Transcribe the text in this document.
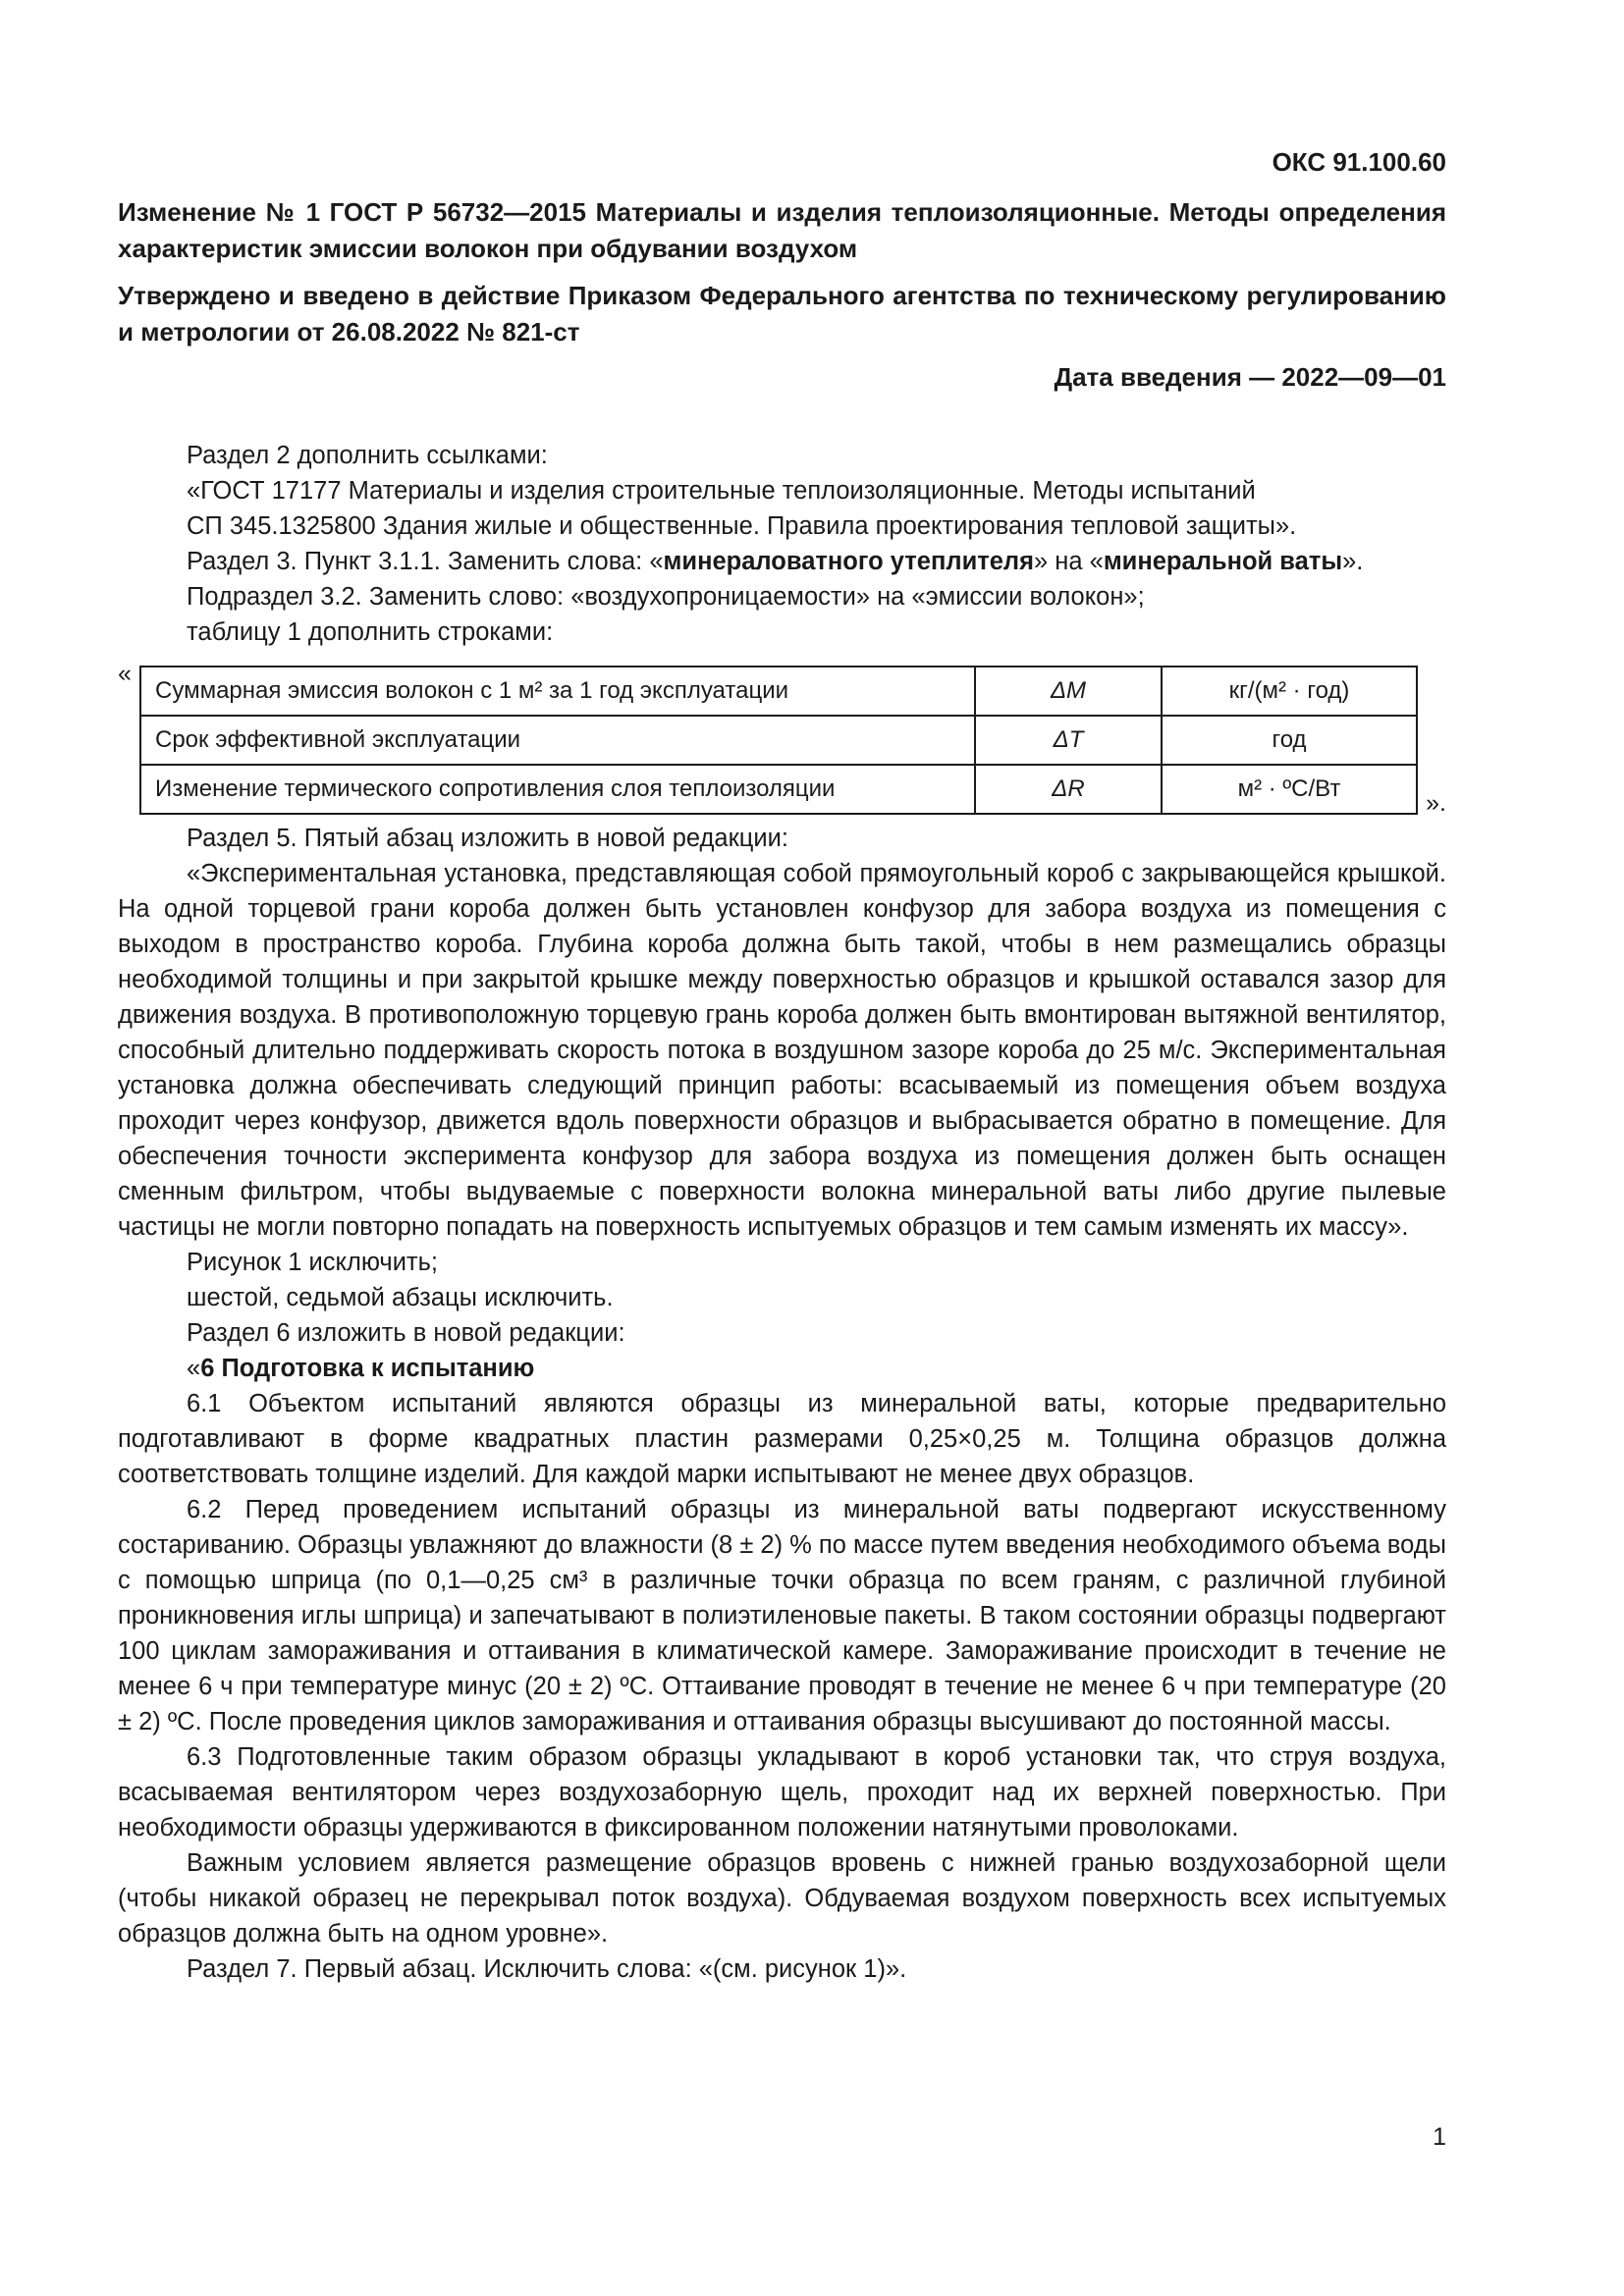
ОКС 91.100.60

Изменение № 1 ГОСТ Р 56732—2015 Материалы и изделия теплоизоляционные. Методы определения характеристик эмиссии волокон при обдувании воздухом

Утверждено и введено в действие Приказом Федерального агентства по техническому регулированию и метрологии от 26.08.2022 № 821-ст

Дата введения — 2022—09—01

Раздел 2 дополнить ссылками:

«ГОСТ 17177 Материалы и изделия строительные теплоизоляционные. Методы испытаний

СП 345.1325800 Здания жилые и общественные. Правила проектирования тепловой защиты».

Раздел 3. Пункт 3.1.1. Заменить слова: «минераловатного утеплителя» на «минеральной ваты».

Подраздел 3.2. Заменить слово: «воздухопроницаемости» на «эмиссии волокон»;

таблицу 1 дополнить строками:

«
Суммарная эмиссия волокон с 1 м² за 1 год эксплуатации	ΔM	кг/(м² · год)
Срок эффективной эксплуатации	ΔT	год
Изменение термического сопротивления слоя теплоизоляции	ΔR	м² · ºC/Вт
».

Раздел 5. Пятый абзац изложить в новой редакции:

«Экспериментальная установка, представляющая собой прямоугольный короб с закрывающейся крышкой. На одной торцевой грани короба должен быть установлен конфузор для забора воздуха из помещения с выходом в пространство короба. Глубина короба должна быть такой, чтобы в нем размещались образцы необходимой толщины и при закрытой крышке между поверхностью образцов и крышкой оставался зазор для движения воздуха. В противоположную торцевую грань короба должен быть вмонтирован вытяжной вентилятор, способный длительно поддерживать скорость потока в воздушном зазоре короба до 25 м/с. Экспериментальная установка должна обеспечивать следующий принцип работы: всасываемый из помещения объем воздуха проходит через конфузор, движется вдоль поверхности образцов и выбрасывается обратно в помещение. Для обеспечения точности эксперимента конфузор для забора воздуха из помещения должен быть оснащен сменным фильтром, чтобы выдуваемые с поверхности волокна минеральной ваты либо другие пылевые частицы не могли повторно попадать на поверхность испытуемых образцов и тем самым изменять их массу».

Рисунок 1 исключить;

шестой, седьмой абзацы исключить.

Раздел 6 изложить в новой редакции:

«6 Подготовка к испытанию

6.1 Объектом испытаний являются образцы из минеральной ваты, которые предварительно подготавливают в форме квадратных пластин размерами 0,25×0,25 м. Толщина образцов должна соответствовать толщине изделий. Для каждой марки испытывают не менее двух образцов.

6.2 Перед проведением испытаний образцы из минеральной ваты подвергают искусственному состариванию. Образцы увлажняют до влажности (8 ± 2) % по массе путем введения необходимого объема воды с помощью шприца (по 0,1—0,25 см³ в различные точки образца по всем граням, с различной глубиной проникновения иглы шприца) и запечатывают в полиэтиленовые пакеты. В таком состоянии образцы подвергают 100 циклам замораживания и оттаивания в климатической камере. Замораживание происходит в течение не менее 6 ч при температуре минус (20 ± 2) ºC. Оттаивание проводят в течение не менее 6 ч при температуре (20 ± 2) ºC. После проведения циклов замораживания и оттаивания образцы высушивают до постоянной массы.

6.3 Подготовленные таким образом образцы укладывают в короб установки так, что струя воздуха, всасываемая вентилятором через воздухозаборную щель, проходит над их верхней поверхностью. При необходимости образцы удерживаются в фиксированном положении натянутыми проволоками.

Важным условием является размещение образцов вровень с нижней гранью воздухозаборной щели (чтобы никакой образец не перекрывал поток воздуха). Обдуваемая воздухом поверхность всех испытуемых образцов должна быть на одном уровне».

Раздел 7. Первый абзац. Исключить слова: «(см. рисунок 1)».

1
